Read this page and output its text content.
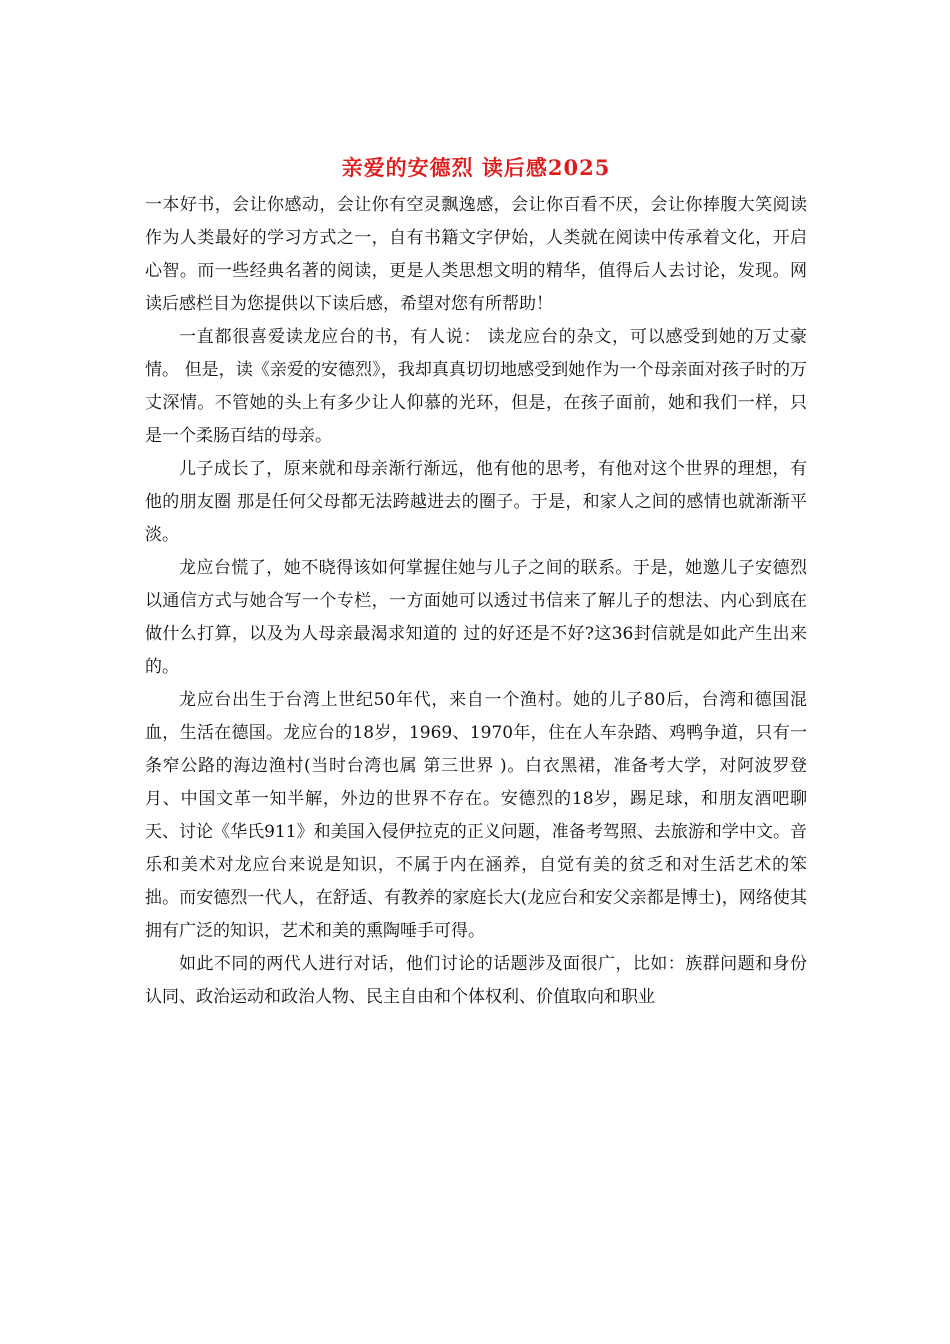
亲爱的安德烈 读后感2025

一本好书，会让你感动，会让你有空灵飘逸感，会让你百看不厌，会让你捧腹大笑阅读作为人类最好的学习方式之一，自有书籍文字伊始，人类就在阅读中传承着文化，开启心智。而一些经典名著的阅读，更是人类思想文明的精华，值得后人去讨论，发现。网读后感栏目为您提供以下读后感，希望对您有所帮助！

一直都很喜爱读龙应台的书，有人说： 读龙应台的杂文，可以感受到她的万丈豪情。 但是，读《亲爱的安德烈》，我却真真切切地感受到她作为一个母亲面对孩子时的万丈深情。不管她的头上有多少让人仰慕的光环，但是，在孩子面前，她和我们一样，只是一个柔肠百结的母亲。

儿子成长了，原来就和母亲渐行渐远，他有他的思考，有他对这个世界的理想，有他的朋友圈 那是任何父母都无法跨越进去的圈子。于是，和家人之间的感情也就渐渐平淡。

龙应台慌了，她不晓得该如何掌握住她与儿子之间的联系。于是，她邀儿子安德烈以通信方式与她合写一个专栏，一方面她可以透过书信来了解儿子的想法、内心到底在做什么打算，以及为人母亲最渴求知道的 过的好还是不好?这36封信就是如此产生出来的。

龙应台出生于台湾上世纪50年代，来自一个渔村。她的儿子80后，台湾和德国混血，生活在德国。龙应台的18岁，1969、1970年，住在人车杂踏、鸡鸭争道，只有一条窄公路的海边渔村(当时台湾也属 第三世界 )。白衣黑裙，准备考大学，对阿波罗登月、中国文革一知半解，外边的世界不存在。安德烈的18岁，踢足球，和朋友酒吧聊天、讨论《华氏911》和美国入侵伊拉克的正义问题，准备考驾照、去旅游和学中文。音乐和美术对龙应台来说是知识，不属于内在涵养，自觉有美的贫乏和对生活艺术的笨拙。而安德烈一代人，在舒适、有教养的家庭长大(龙应台和安父亲都是博士)，网络使其拥有广泛的知识，艺术和美的熏陶唾手可得。

如此不同的两代人进行对话，他们讨论的话题涉及面很广，比如：族群问题和身份认同、政治运动和政治人物、民主自由和个体权利、价值取向和职业
